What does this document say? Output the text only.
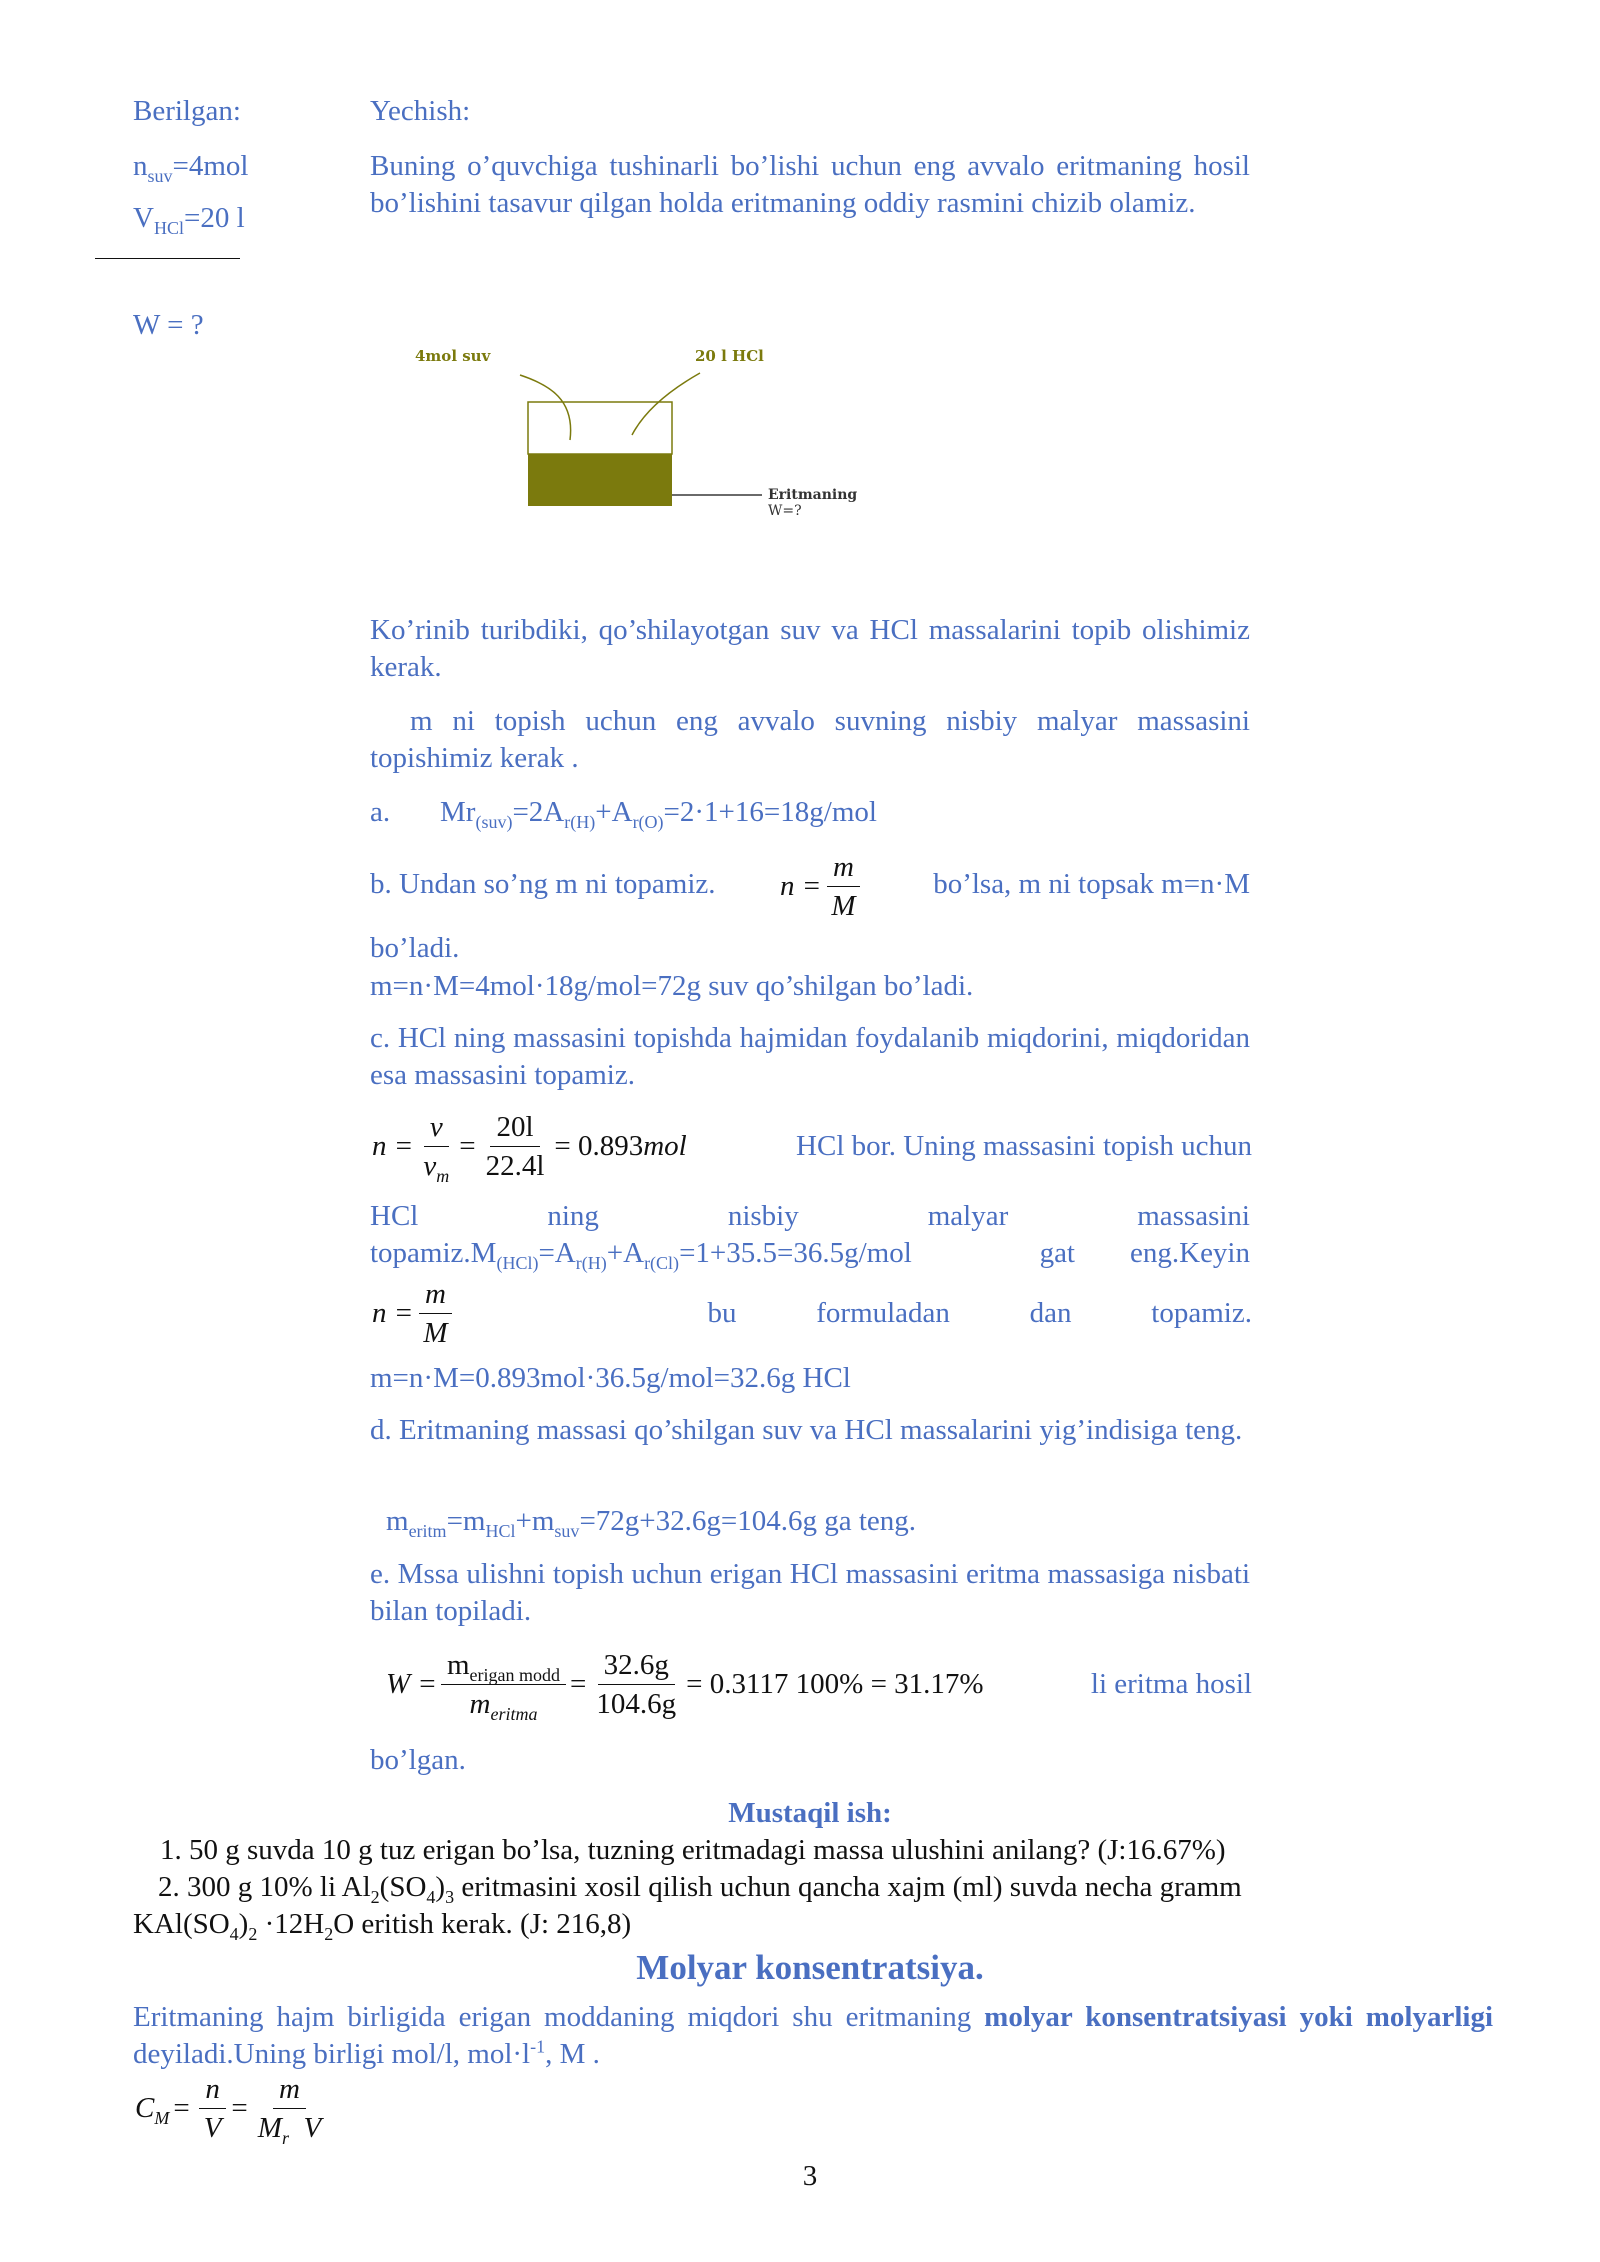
Berilgan:
$n_{suv}=4mol$
$V_{HCl}=20$ l
W = ?
Yechish:
Buning o’quvchiga tushinarli bo’lishi uchun eng avvalo eritmaning hosil bo’lishini tasavur qilgan holda eritmaning oddiy rasmini chizib olamiz.
4mol suv	20 l HCl
Eritmaning
W=?
Ko’rinib turibdiki, qo’shilayotgan suv va HCl massalarini topib olishimiz kerak.
m ni topish uchun eng avvalo suvning nisbiy malyar massasini topishimiz kerak .
a. $Mr_{(suv)}=2A_{r(H)}+A_{r(O)}=2\cdot 1+16=18g$/mol
b. Undan so’ng m ni topamiz. $n = \frac{m}{M}$	bo’lsa, m ni topsak m=n·M
bo’ladi.
m=n·M=4mol·18g/mol=72g suv qo’shilgan bo’ladi.
c. HCl ning massasini topishda hajmidan foydalanib miqdorini, miqdoridan esa massasini topamiz.
$n = \frac{v}{v_m} = \frac{20l}{22.4l} = 0.893$ mol	HCl bor. Uning massasini topish uchun
HCl	ning	nisbiy	malyar	massasini
$topamiz.M_{(HCl)}=A_{r(H)}+A_{r(Cl)}=1+35.5=36.5g$/mol	gat eng.Keyin
$n = \frac{m}{M}$	bu	formuladan	dan	topamiz.
m=n·M=0.893mol·36.5g/mol=32.6g HCl
d. Eritmaning massasi qo’shilgan suv va HCl massalarini yig’indisiga teng.
$m_{eritm}=m_{HCl}+m_{suv}=72g+32.6g=104.6g$ ga teng.
e. Mssa ulishni topish uchun erigan HCl massasini eritma massasiga nisbati bilan topiladi.
$W = \frac{m_{erigan modd}}{m_{eritma}} = \frac{32.6g}{104.6g} = 0.3117$ 100% = 31.17%	li eritma hosil
bo’lgan.
Mustaqil ish:
1. 50 g suvda 10 g tuz erigan bo’lsa, tuzning eritmadagi massa ulushini anilang? (J:16.67%)
2. 300 g 10% li $Al_2(SO_4)_3$ eritmasini xosil qilish uchun qancha xajm (ml) suvda necha gramm
$KAl(SO_4)_2 \cdot 12H_2O$ eritish kerak. (J: 216,8)
Molyar konsentratsiya.
Eritmaning hajm birligida erigan moddaning miqdori shu eritmaning molyar konsentratsiyasi yoki molyarligi deyiladi.Uning birligi mol/l, $mol\cdot l^{-1}$, M .
$C_M = \frac{n}{V} = \frac{m}{M_r V}$
3
